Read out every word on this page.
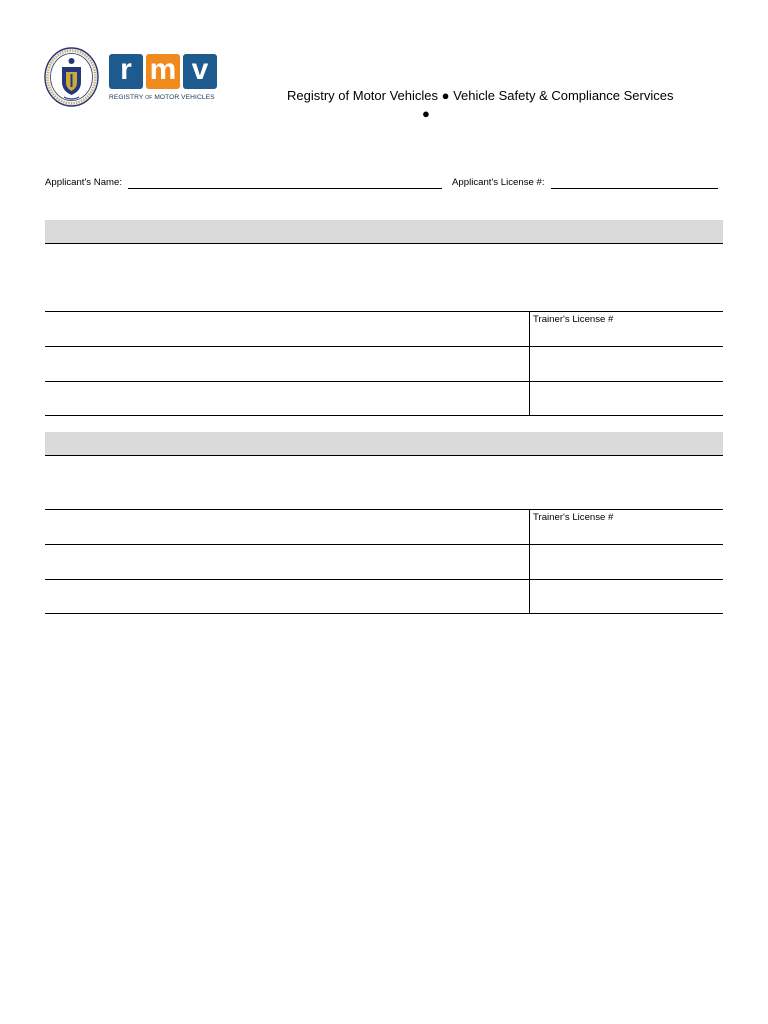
r m v
REGISTRY OF MOTOR VEHICLES	Registry of Motor Vehicles ● Vehicle Safety & Compliance Services
●
Applicant's Name:	Applicant's License #:
Trainer's License #
Trainer's License #
